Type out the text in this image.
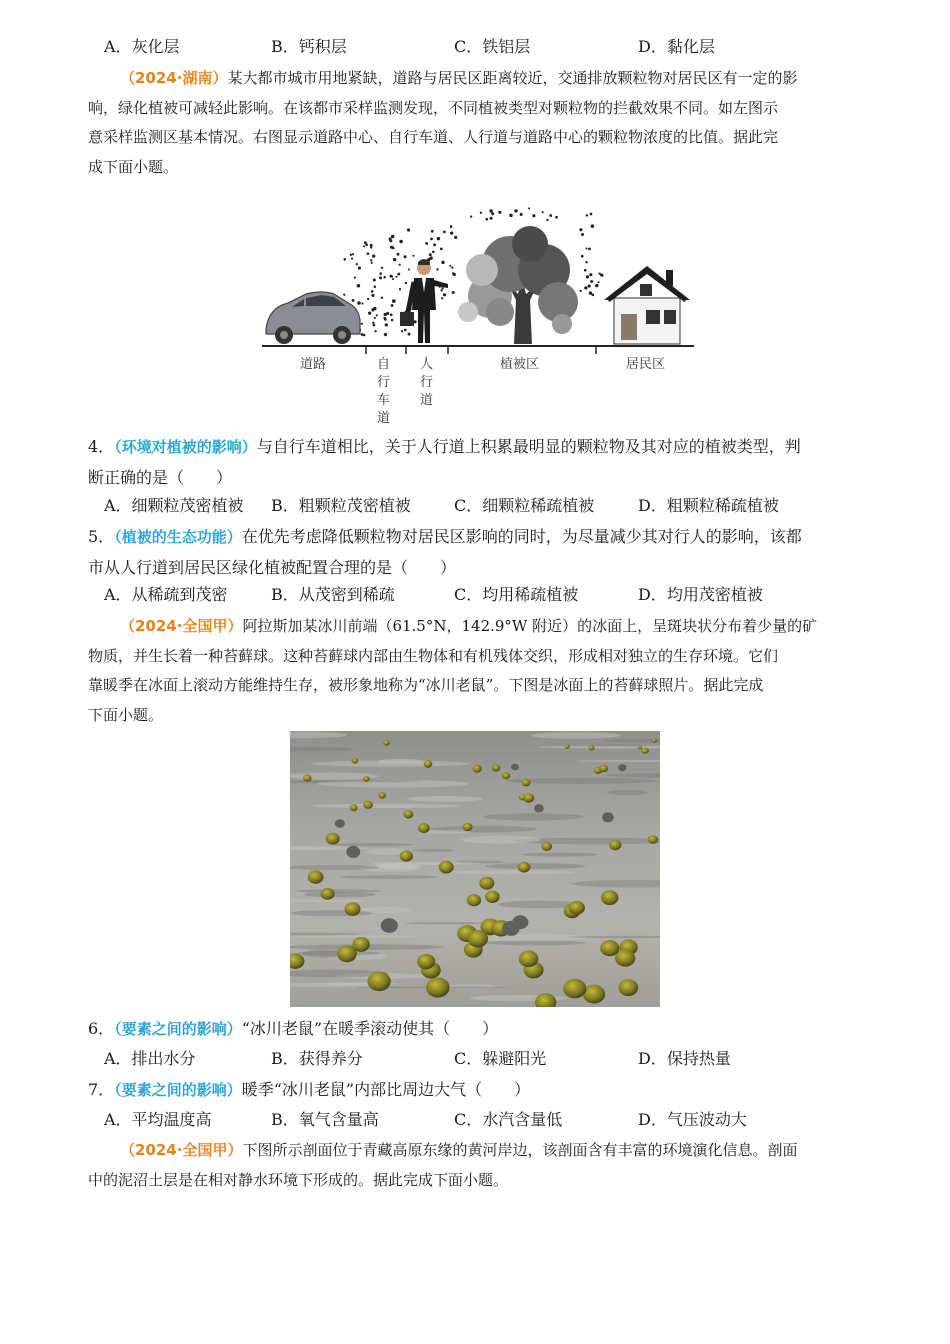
A．灰化层	B．钙积层	C．铁铝层	D．黏化层
（2024·湖南）某大都市城市用地紧缺，道路与居民区距离较近，交通排放颗粒物对居民区有一定的影
响，绿化植被可减轻此影响。在该都市采样监测发现，不同植被类型对颗粒物的拦截效果不同。如左图示
意采样监测区基本情况。右图显示道路中心、自行车道、人行道与道路中心的颗粒物浓度的比值。据此完
成下面小题。
道路	自
行
车
道
人
行
道
植被区	居民区
4．（环境对植被的影响）与自行车道相比，关于人行道上积累最明显的颗粒物及其对应的植被类型，判
断正确的是（　　）
A．细颗粒茂密植被 B．粗颗粒茂密植被	C．细颗粒稀疏植被	D．粗颗粒稀疏植被
5．（植被的生态功能）在优先考虑降低颗粒物对居民区影响的同时，为尽量减少其对行人的影响，该都
市从人行道到居民区绿化植被配置合理的是（　　）
A．从稀疏到茂密	B．从茂密到稀疏	C．均用稀疏植被	D．均用茂密植被
（2024·全国甲）阿拉斯加某冰川前端（61.5°N，142.9°W 附近）的冰面上，呈斑块状分布着少量的矿
物质，并生长着一种苔藓球。这种苔藓球内部由生物体和有机残体交织，形成相对独立的生存环境。它们
靠暖季在冰面上滚动方能维持生存，被形象地称为“冰川老鼠”。下图是冰面上的苔藓球照片。据此完成
下面小题。
6．（要素之间的影响）“冰川老鼠”在暖季滚动使其（　　）
A．排出水分	B．获得养分	C．躲避阳光	D．保持热量
7．（要素之间的影响）暖季“冰川老鼠”内部比周边大气（　　）
A．平均温度高	B．氧气含量高	C．水汽含量低	D．气压波动大
（2024·全国甲）下图所示剖面位于青藏高原东缘的黄河岸边，该剖面含有丰富的环境演化信息。剖面
中的泥沼土层是在相对静水环境下形成的。据此完成下面小题。
